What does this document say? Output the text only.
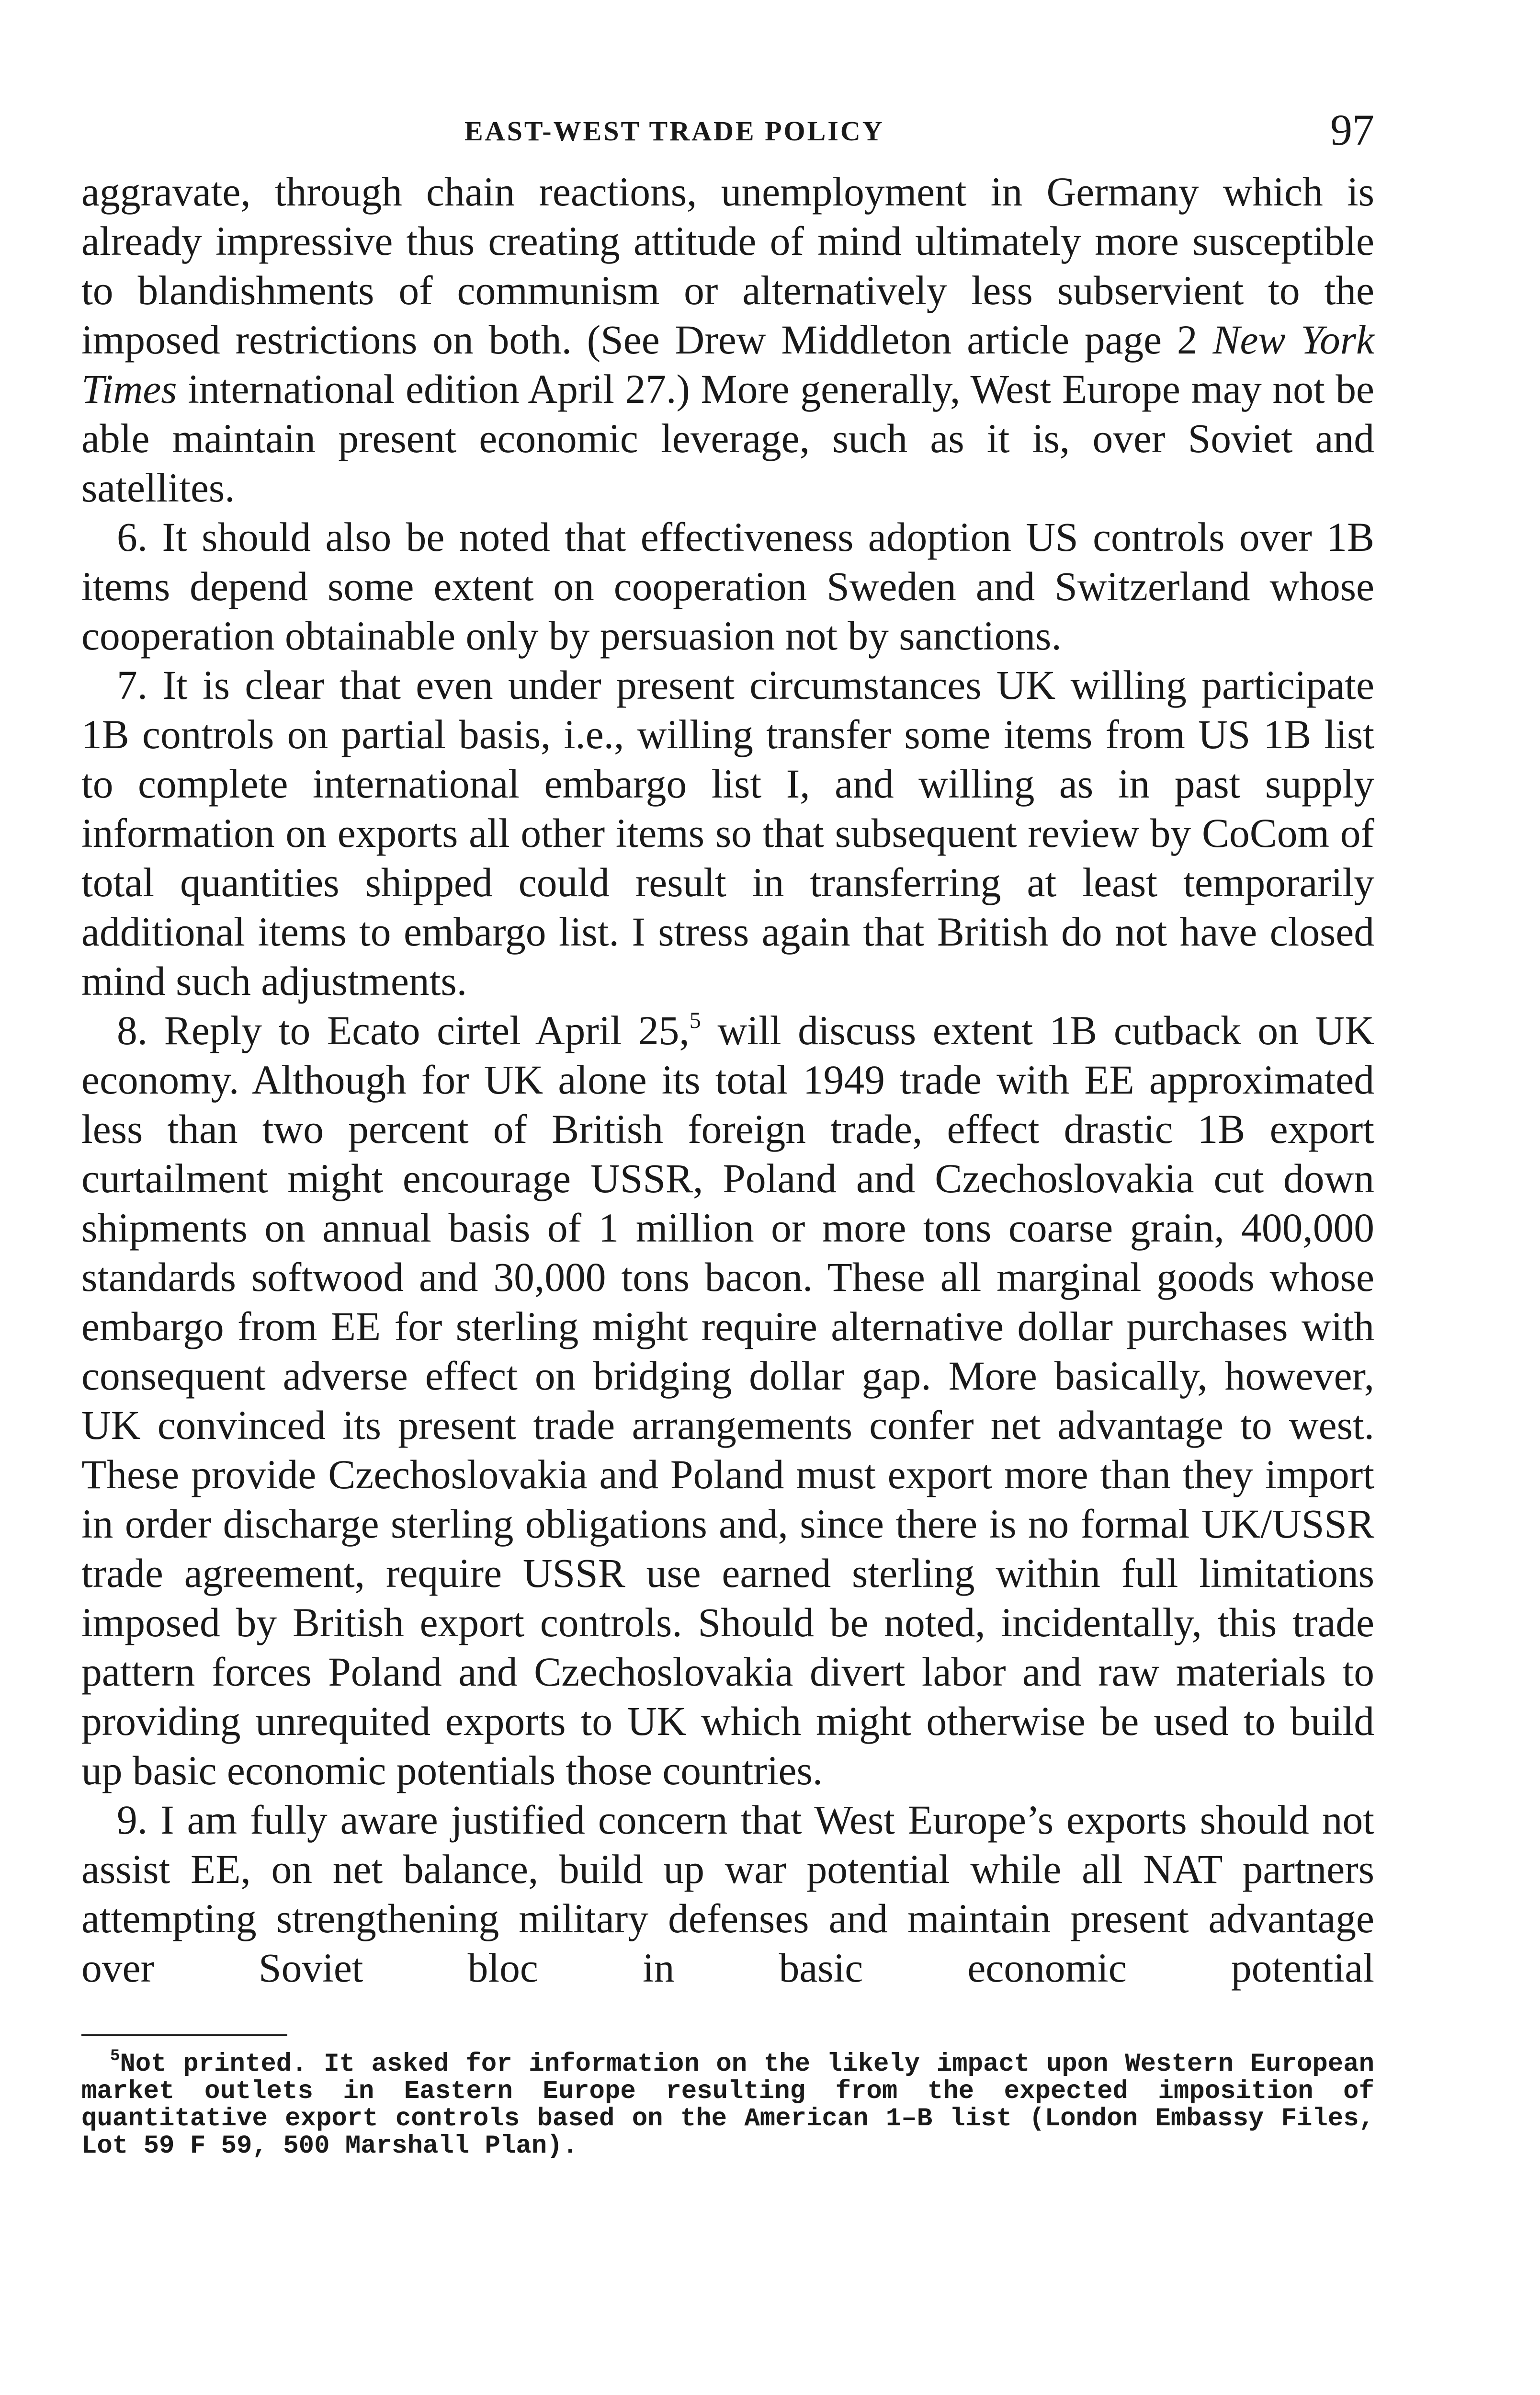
EAST-WEST TRADE POLICY	97

aggravate, through chain reactions, unemployment in Germany which is already impressive thus creating attitude of mind ultimately more susceptible to blandishments of communism or alternatively less subservient to the imposed restrictions on both. (See Drew Middleton article page 2 New York Times international edition April 27.) More generally, West Europe may not be able maintain present economic leverage, such as it is, over Soviet and satellites.

6. It should also be noted that effectiveness adoption US controls over 1B items depend some extent on cooperation Sweden and Switzerland whose cooperation obtainable only by persuasion not by sanctions.

7. It is clear that even under present circumstances UK willing participate 1B controls on partial basis, i.e., willing transfer some items from US 1B list to complete international embargo list I, and willing as in past supply information on exports all other items so that subsequent review by CoCom of total quantities shipped could result in transferring at least temporarily additional items to embargo list. I stress again that British do not have closed mind such adjustments.

8. Reply to Ecato cirtel April 25,$^5$ will discuss extent 1B cutback on UK economy. Although for UK alone its total 1949 trade with EE approximated less than two percent of British foreign trade, effect drastic 1B export curtailment might encourage USSR, Poland and Czechoslovakia cut down shipments on annual basis of 1 million or more tons coarse grain, 400,000 standards softwood and 30,000 tons bacon. These all marginal goods whose embargo from EE for sterling might require alternative dollar purchases with consequent adverse effect on bridging dollar gap. More basically, however, UK convinced its present trade arrangements confer net advantage to west. These provide Czechoslovakia and Poland must export more than they import in order discharge sterling obligations and, since there is no formal UK/USSR trade agreement, require USSR use earned sterling within full limitations imposed by British export controls. Should be noted, incidentally, this trade pattern forces Poland and Czechoslovakia divert labor and raw materials to providing unrequited exports to UK which might otherwise be used to build up basic economic potentials those countries.

9. I am fully aware justified concern that West Europe’s exports should not assist EE, on net balance, build up war potential while all NAT partners attempting strengthening military defenses and maintain present advantage over Soviet bloc in basic economic potential

$^5$Not printed. It asked for information on the likely impact upon Western European market outlets in Eastern Europe resulting from the expected imposition of quantitative export controls based on the American 1–B list (London Embassy Files, Lot 59 F 59, 500 Marshall Plan).
